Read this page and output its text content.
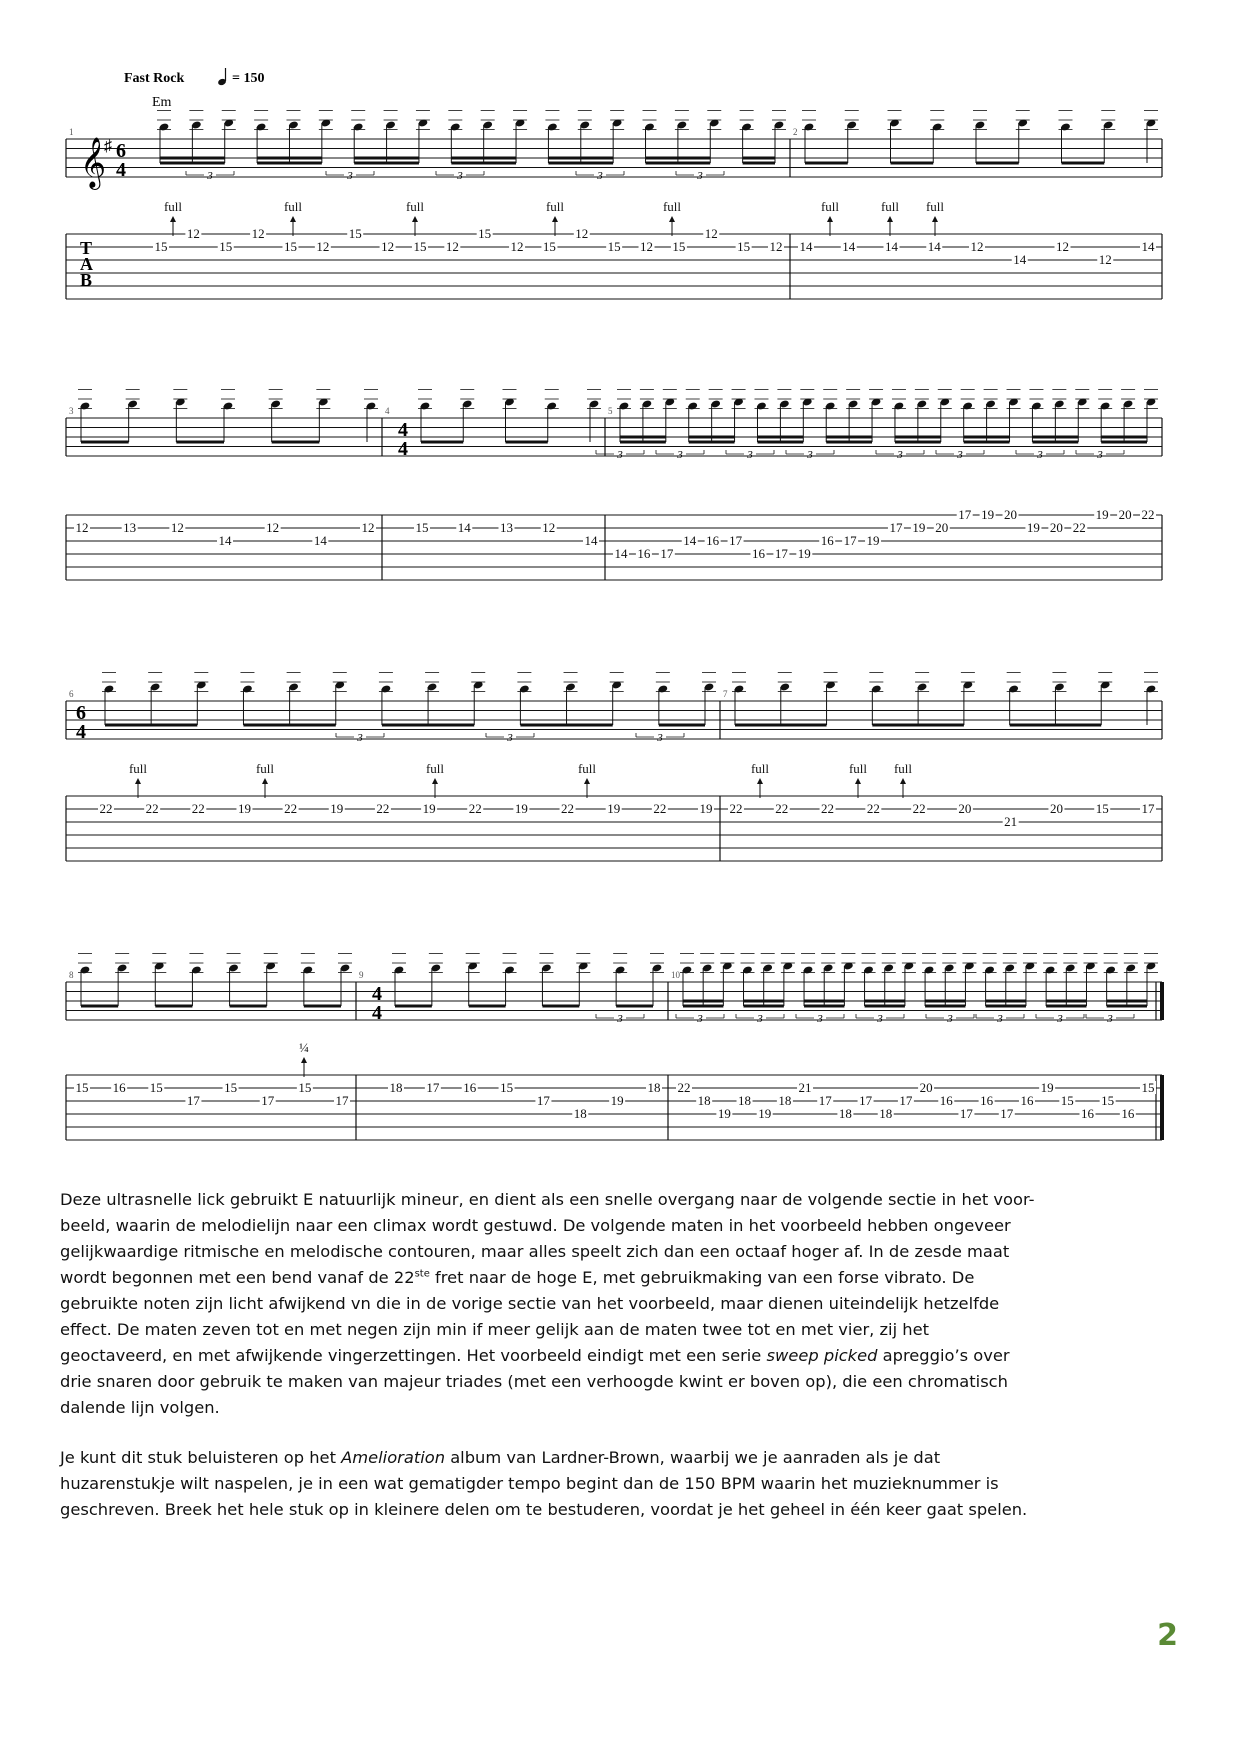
Fast Rock	= 150
Em
𝄞
♯ 6
4
T
A
B
1
15
12
15
12
15 12
15
12 15 12
15
12 15
12
15 12 15
12
15 12
full	full	full	full	full
2
14 14 14 14 12
14
12
12
14
full	full full
3	3	3	3	3
4
4
3
12	13	12
14
12
14
12
4
15 14 13 12
14
5
14 16 17
14 16 17
16 17 19
16 17 19
17 19 20
17 19 20
19 20 22
19 20 22
3	3	3	3	3	3	3	3
6
4
6
22	22	22	19	22	19	22	19	22	19	22	19	22	19
full	full	full	full
7
22	22	22	22	22	20
21
20	15	17
full	full full
3	3	3
4
4
8
15 16 15
17
15
17
15
17
9
18 17 16 15
17
18
19
18
10
22
18
19
18
19
18
21
17
18
17
18
17
20
16
17
16
17
16
19
15
16
15
16
15
3	3	3	3	3	3	3	3	3
¼

Deze ultrasnelle lick gebruikt E natuurlijk mineur, en dient als een snelle overgang naar de volgende sectie in het voor-
beeld, waarin de melodielijn naar een climax wordt gestuwd. De volgende maten in het voorbeeld hebben ongeveer
gelijkwaardige ritmische en melodische contouren, maar alles speelt zich dan een octaaf hoger af. In de zesde maat
wordt begonnen met een bend vanaf de 22ste fret naar de hoge E, met gebruikmaking van een forse vibrato. De
gebruikte noten zijn licht afwijkend vn die in de vorige sectie van het voorbeeld, maar dienen uiteindelijk hetzelfde
effect. De maten zeven tot en met negen zijn min if meer gelijk aan de maten twee tot en met vier, zij het
geoctaveerd, en met afwijkende vingerzettingen. Het voorbeeld eindigt met een serie sweep picked apreggio’s over
drie snaren door gebruik te maken van majeur triades (met een verhoogde kwint er boven op), die een chromatisch
dalende lijn volgen.

Je kunt dit stuk beluisteren op het Amelioration album van Lardner-Brown, waarbij we je aanraden als je dat
huzarenstukje wilt naspelen, je in een wat gematigder tempo begint dan de 150 BPM waarin het muzieknummer is
geschreven. Breek het hele stuk op in kleinere delen om te bestuderen, voordat je het geheel in één keer gaat spelen.

2
